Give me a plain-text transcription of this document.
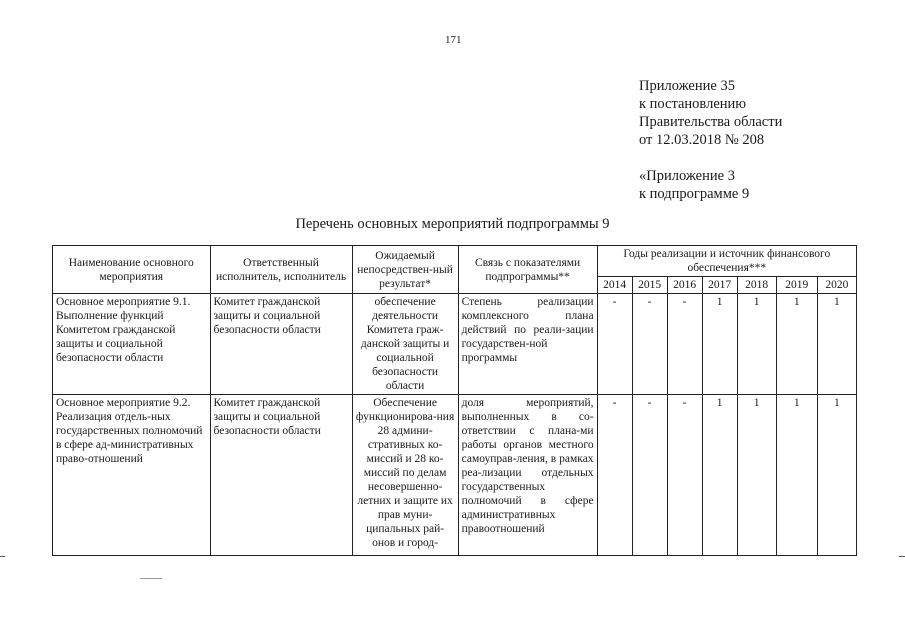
171
Приложение 35
к постановлению
Правительства области
от 12.03.2018 № 208
«Приложение 3
к подпрограмме 9
Перечень основных мероприятий подпрограммы 9
Наименование основного мероприятия	Ответственный исполнитель, исполнитель	Ожидаемый непосредствен-ный результат*	Связь с показателями подпрограммы**	Годы реализации и источник финансового обеспечения***						
				2014	2015	2016	2017	2018	2019	2020
Основное мероприятие 9.1. Выполнение функций Комитетом гражданской защиты и социальной безопасности области	Комитет гражданской защиты и социальной безопасности области	обеспечение деятельности Комитета граж-данской защиты и социальной безопасности области	Степень реализации комплексного плана действий по реали-зации государствен-ной программы	-	-	-	1	1	1	1
Основное мероприятие 9.2. Реализация отдель-ных государственных полномочий в сфере ад-министративных право-отношений	Комитет гражданской защиты и социальной безопасности области	Обеспечение функционирова-ния 28 админи-стративных ко-миссий и 28 ко-миссий по делам несовершенно-летних и защите их прав муни-ципальных рай-онов и город-	доля мероприятий, выполненных в со-ответствии с плана-ми работы органов местного самоуправ-ления, в рамках реа-лизации отдельных государственных полномочий в сфере административных правоотношений	-	-	-	1	1	1	1
